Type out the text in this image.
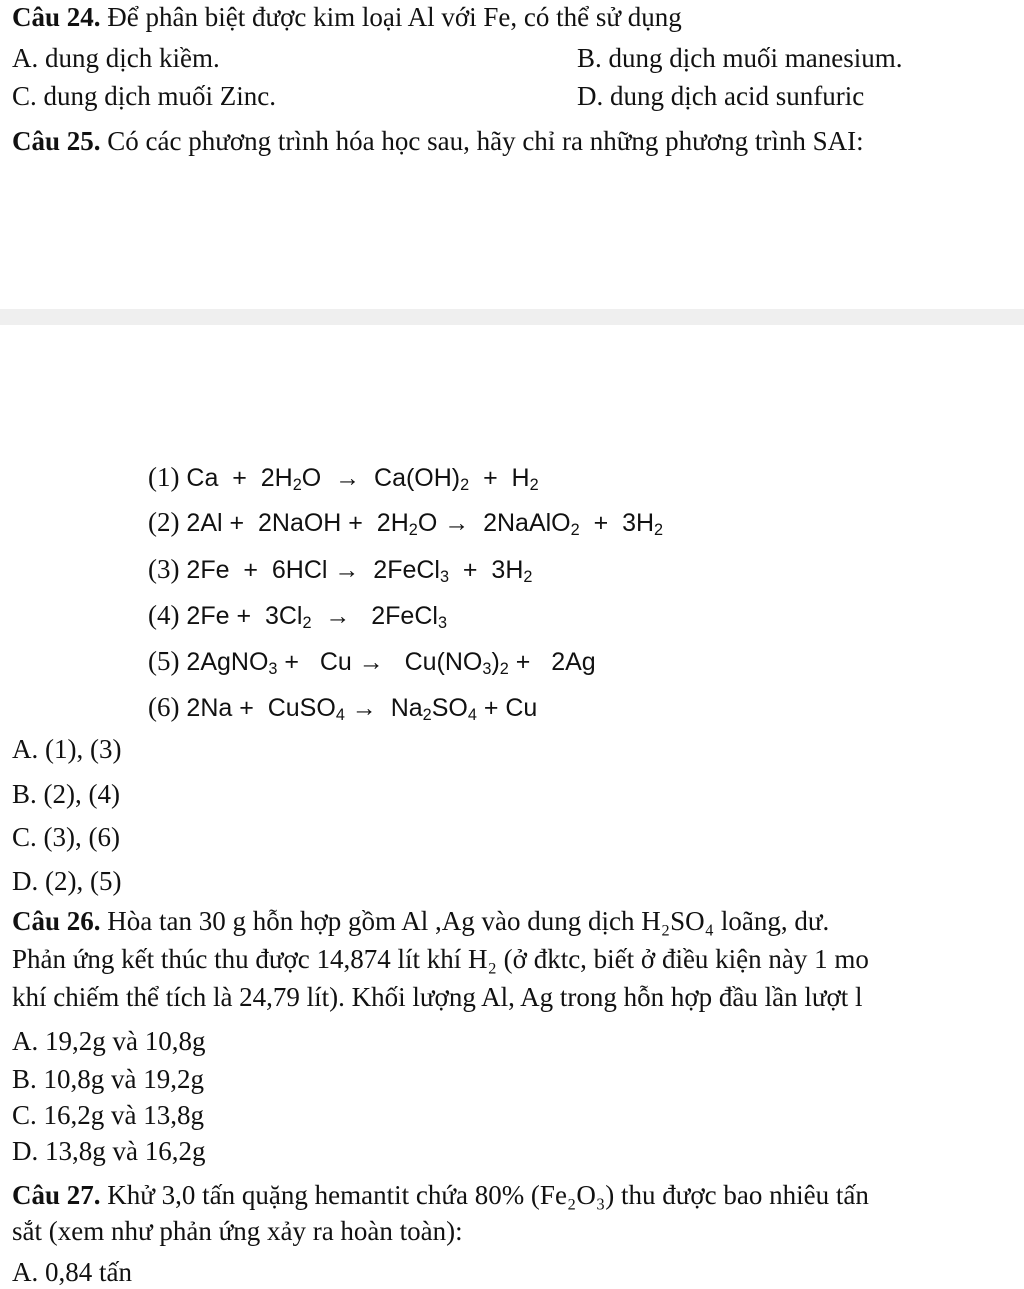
Câu 24. Để phân biệt được kim loại Al với Fe, có thể sử dụng
A. dung dịch kiềm.	B. dung dịch muối manesium.
C. dung dịch muối Zinc.	D. dung dịch acid sunfuric
Câu 25. Có các phương trình hóa học sau, hãy chỉ ra những phương trình SAI:
(1) $Ca + 2H_2O \to Ca(OH)_2 + H_2$
(2) 2Al +  2NaOH +  $2H_2O$ →  2NaAlO$_2$  +  $3H_2$
(3) 2Fe  +  6HCl →  2FeCl$_3$  +  $3H_2$
(4) $2Fe + 3Cl_2$  →   2FeCl$_3$
(5) 2AgNO$_3$ +   $Cu \to Cu(NO_3)_2 + 2Ag$
(6) 2Na +  CuSO$_4$ →  $Na_2SO_4 + Cu$
A. (1), (3)
B. (2), (4)
C. (3), (6)
D. (2), (5)
Câu 26. Hòa tan 30 g hỗn hợp gồm Al ,Ag vào dung dịch H₂SO₄ loãng, dư.
Phản ứng kết thúc thu được 14,874 lít khí H₂ (ở đktc, biết ở điều kiện này 1 mo
khí chiếm thể tích là 24,79 lít). Khối lượng Al, Ag trong hỗn hợp đầu lần lượt l
A. 19,2g và 10,8g
B. 10,8g và 19,2g
C. 16,2g và 13,8g
D. 13,8g và 16,2g
Câu 27. Khử 3,0 tấn quặng hemantit chứa 80% (Fe₂O₃) thu được bao nhiêu tấn
sắt (xem như phản ứng xảy ra hoàn toàn):
A. 0,84 tấn
